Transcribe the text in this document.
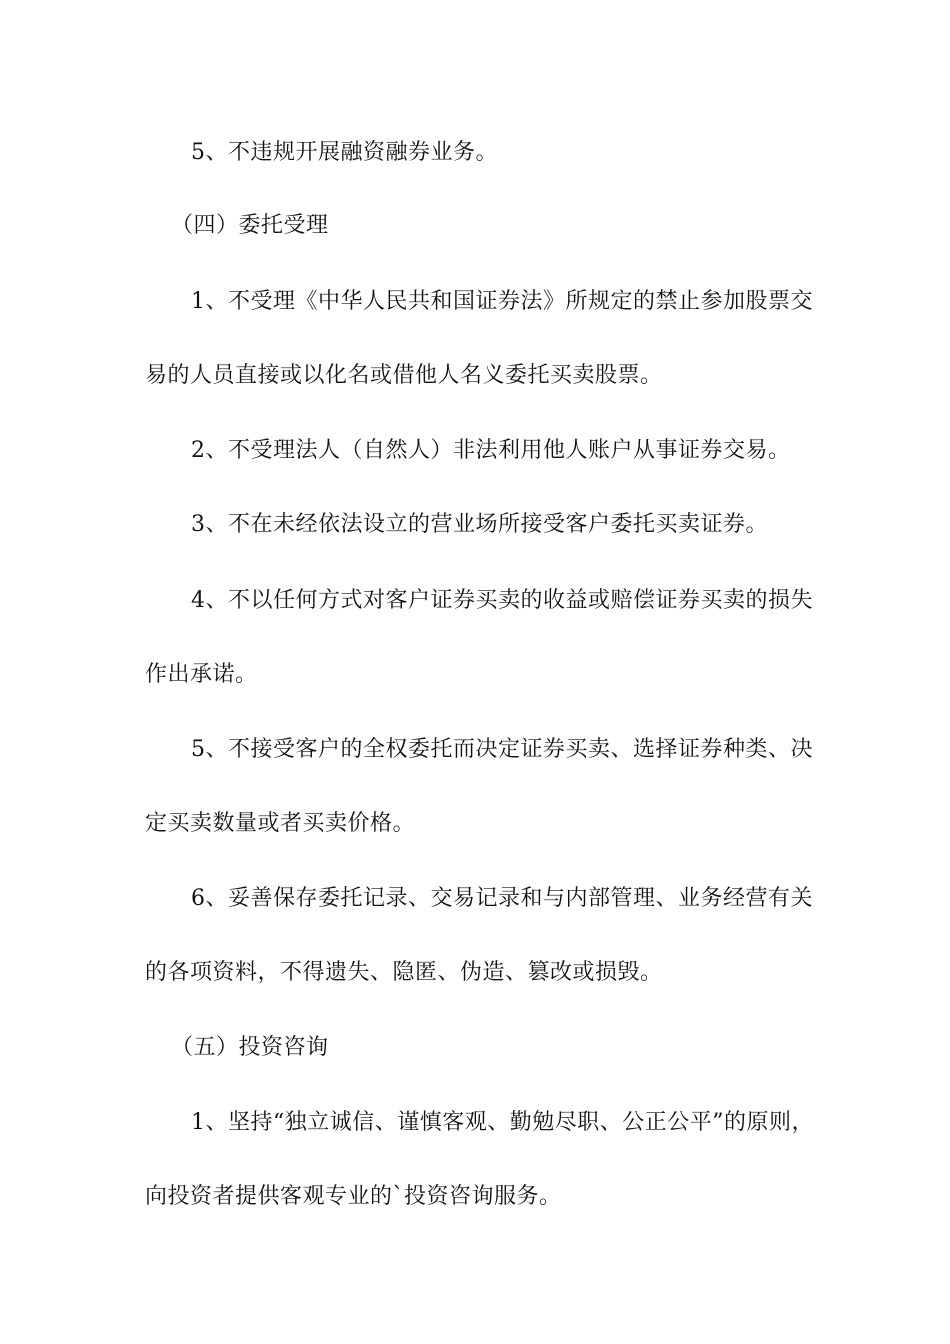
5、不违规开展融资融券业务。
（四）委托受理
1、不受理《中华人民共和国证券法》所规定的禁止参加股票交
易的人员直接或以化名或借他人名义委托买卖股票。
2、不受理法人（自然人）非法利用他人账户从事证券交易。
3、不在未经依法设立的营业场所接受客户委托买卖证券。
4、不以任何方式对客户证券买卖的收益或赔偿证券买卖的损失
作出承诺。
5、不接受客户的全权委托而决定证券买卖、选择证券种类、决
定买卖数量或者买卖价格。
6、妥善保存委托记录、交易记录和与内部管理、业务经营有关
的各项资料，不得遗失、隐匿、伪造、篡改或损毁。
（五）投资咨询
1、坚持“独立诚信、谨慎客观、勤勉尽职、公正公平”的原则，
向投资者提供客观专业的`投资咨询服务。
